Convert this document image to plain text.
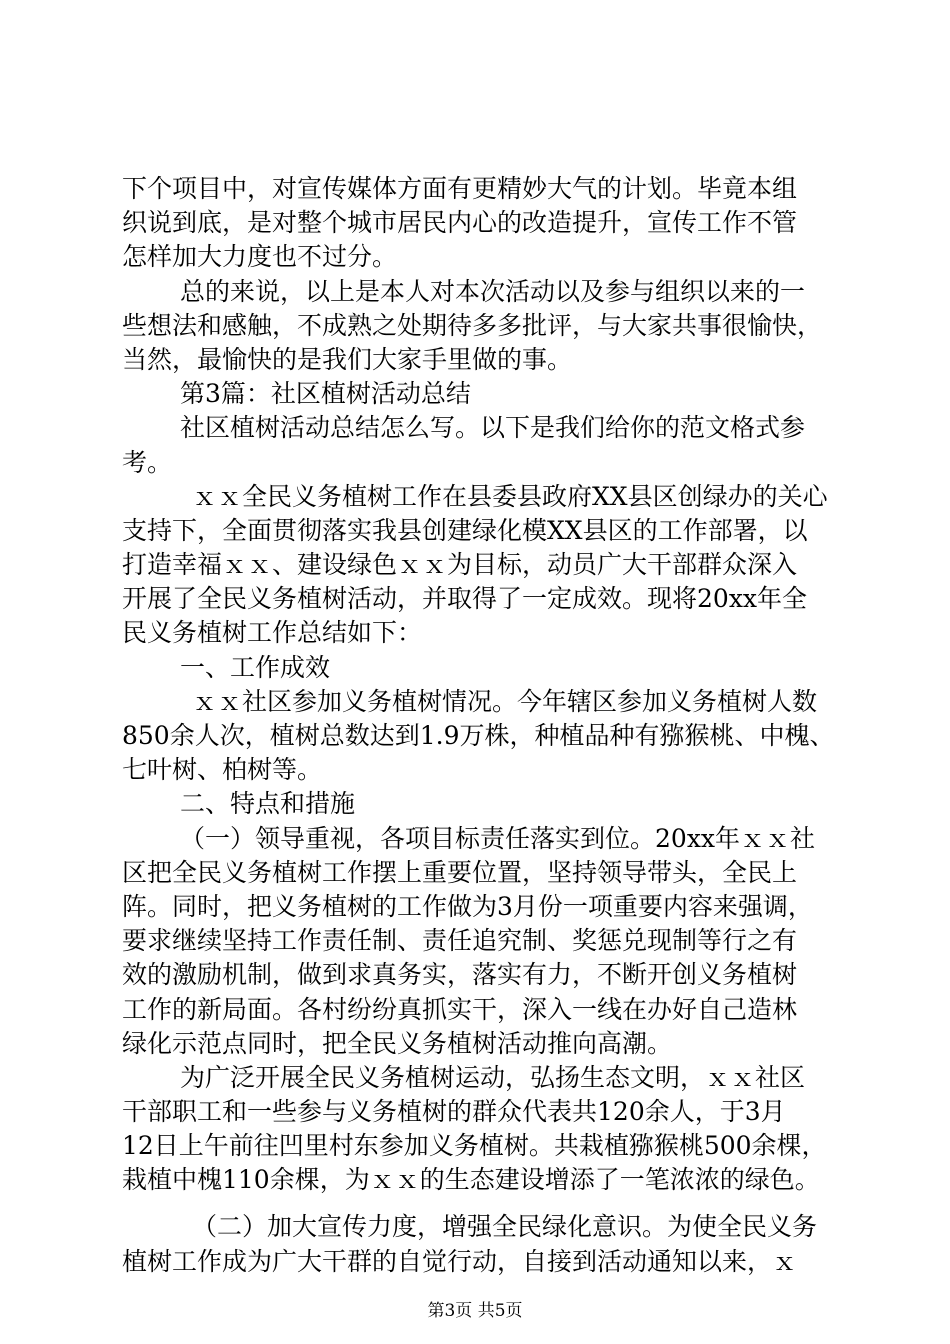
下个项目中，对宣传媒体方面有更精妙大气的计划。毕竟本组
织说到底，是对整个城市居民内心的改造提升，宣传工作不管
怎样加大力度也不过分。
总的来说，以上是本人对本次活动以及参与组织以来的一
些想法和感触，不成熟之处期待多多批评，与大家共事很愉快，
当然，最愉快的是我们大家手里做的事。
第3篇：社区植树活动总结
社区植树活动总结怎么写。以下是我们给你的范文格式参
考。
ｘｘ全民义务植树工作在县委县政府XX县区创绿办的关心
支持下，全面贯彻落实我县创建绿化模XX县区的工作部署，以
打造幸福ｘｘ、建设绿色ｘｘ为目标，动员广大干部群众深入
开展了全民义务植树活动，并取得了一定成效。现将20xx年全
民义务植树工作总结如下：
一、工作成效
ｘｘ社区参加义务植树情况。今年辖区参加义务植树人数
850余人次，植树总数达到1.9万株，种植品种有猕猴桃、中槐、
七叶树、柏树等。
二、特点和措施
（一）领导重视，各项目标责任落实到位。20xx年ｘｘ社
区把全民义务植树工作摆上重要位置，坚持领导带头，全民上
阵。同时，把义务植树的工作做为3月份一项重要内容来强调，
要求继续坚持工作责任制、责任追究制、奖惩兑现制等行之有
效的激励机制，做到求真务实，落实有力，不断开创义务植树
工作的新局面。各村纷纷真抓实干，深入一线在办好自己造林
绿化示范点同时，把全民义务植树活动推向高潮。
为广泛开展全民义务植树运动，弘扬生态文明，ｘｘ社区
干部职工和一些参与义务植树的群众代表共120余人，于3月
12日上午前往凹里村东参加义务植树。共栽植猕猴桃500余棵，
栽植中槐110余棵，为ｘｘ的生态建设增添了一笔浓浓的绿色。
（二）加大宣传力度，增强全民绿化意识。为使全民义务
植树工作成为广大干群的自觉行动，自接到活动通知以来，ｘ
第3页 共5页
